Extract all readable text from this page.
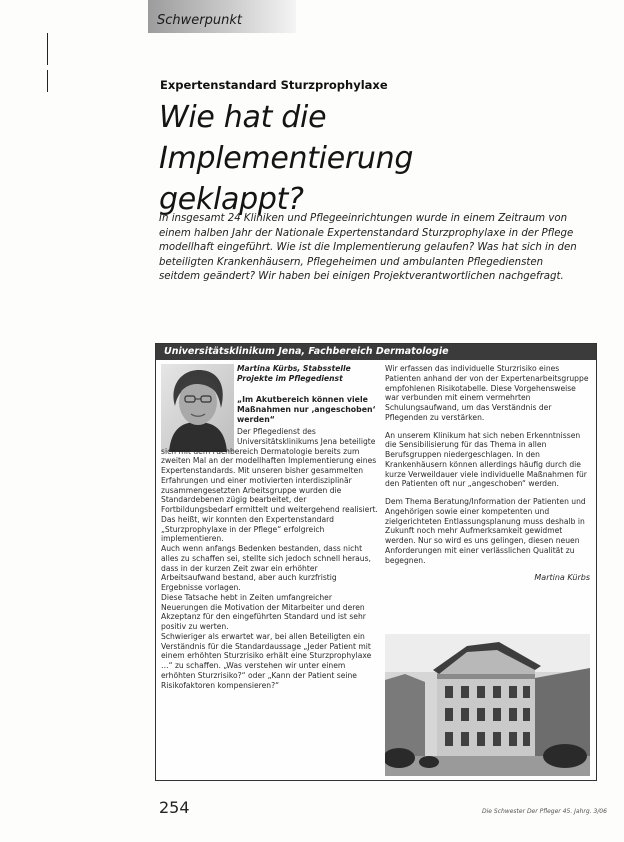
Schwerpunkt
Expertenstandard Sturzprophylaxe
Wie hat die Implementierung
geklappt?
In insgesamt 24 Kliniken und Pflegeeinrichtungen wurde in einem Zeitraum von einem halben Jahr der Nationale Expertenstandard Sturzprophylaxe in der Pflege modellhaft eingeführt. Wie ist die Implementierung gelaufen? Was hat sich in den beteiligten Krankenhäusern, Pflegeheimen und ambulanten Pflegediensten seitdem geändert? Wir haben bei einigen Projektverantwortlichen nachgefragt.
Universitätsklinikum Jena, Fachbereich Dermatologie
Martina Kürbs, Stabsstelle Projekte im Pflegedienst
„Im Akutbereich können viele Maßnahmen nur ‚angeschoben‘ werden“
Der Pflegedienst des Universitätsklinikums Jena beteiligte

sich mit dem Fachbereich Dermatologie bereits zum zweiten Mal an der modellhaften Implementierung eines Expertenstandards. Mit unseren bisher gesammelten Erfahrungen und einer motivierten interdisziplinär zusammengesetzten Arbeitsgruppe wurden die Standardebenen zügig bearbeitet, der Fortbildungsbedarf ermittelt und weitergehend realisiert. Das heißt, wir konnten den Expertenstandard „Sturzprophylaxe in der Pflege“ erfolgreich implementieren.

Auch wenn anfangs Bedenken bestanden, dass nicht alles zu schaffen sei, stellte sich jedoch schnell heraus, dass in der kurzen Zeit zwar ein erhöhter Arbeitsaufwand bestand, aber auch kurzfristig Ergebnisse vorlagen.

Diese Tatsache hebt in Zeiten umfangreicher Neuerungen die Motivation der Mitarbeiter und deren Akzeptanz für den eingeführten Standard und ist sehr positiv zu werten.

Schwieriger als erwartet war, bei allen Beteiligten ein Verständnis für die Standardaussage „Jeder Patient mit einem erhöhten Sturzrisiko erhält eine Sturzprophylaxe …“ zu schaffen. „Was verstehen wir unter einem erhöhten Sturzrisiko?“ oder „Kann der Patient seine Risikofaktoren kompensieren?“

Wir erfassen das individuelle Sturzrisiko eines Patienten anhand der von der Expertenarbeitsgruppe empfohlenen Risikotabelle. Diese Vorgehensweise war verbunden mit einem vermehrten Schulungsaufwand, um das Verständnis der Pflegenden zu verstärken.

An unserem Klinikum hat sich neben Erkenntnissen die Sensibilisierung für das Thema in allen Berufsgruppen niedergeschlagen. In den Krankenhäusern können allerdings häufig durch die kurze Verweildauer viele individuelle Maßnahmen für den Patienten oft nur „angeschoben“ werden.

Dem Thema Beratung/Information der Patienten und Angehörigen sowie einer kompetenten und zielgerichteten Entlassungsplanung muss deshalb in Zukunft noch mehr Aufmerksamkeit gewidmet werden. Nur so wird es uns gelingen, diesen neuen Anforderungen mit einer verlässlichen Qualität zu begegnen.

Martina Kürbs
254	Die Schwester Der Pfleger 45. Jahrg. 3/06
